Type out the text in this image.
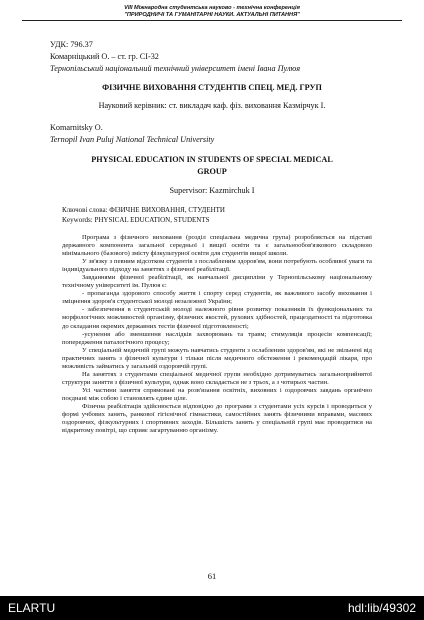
VIII Міжнародна студентська науково - технічна конференція
"ПРИРОДНИЧІ ТА ГУМАНІТАРНІ НАУКИ. АКТУАЛЬНІ ПИТАННЯ"
УДК: 796.37
Комарніцький О. – ст. гр. СІ-32
Тернопільський національний технічний університет імені Івана Пулюя
ФІЗИЧНЕ ВИХОВАННЯ СТУДЕНТІВ СПЕЦ. МЕД. ГРУП
Науковий керівник: ст. викладач каф. фіз. виховання Казмірчук І.
Komarnitsky O.
Ternopil Ivan Puluj National Technical University
PHYSICAL EDUCATION IN STUDENTS OF SPECIAL MEDICAL
GROUP
Supervisor: Kazmirchuk I
Ключові слова: ФІЗИЧНЕ ВИХОВАННЯ, СТУДЕНТИ
Keywords: PHYSICAL EDUCATION, STUDENTS

Програма з фізичного виховання (розділ спеціальна медична група) розробляється на підставі державного компонента загальної середньої і вищої освіти та є загальнообов'язкового складовою мінімального (базового) змісту фізкультурної освіти для студентів вищої школи.

У зв'язку з певним відсотком студентів з послабленим здоров'ям, вони потребують особливої уваги та індивідуального підходу на заняттях з фізичної реабілітації.

Завданнями фізичної реабілітації, як навчальної дисципліни у Тернопільському національному технічному університеті ім. Пулюя є:

- пропаганда здорового способу життя і спорту серед студентів, як важливого засобу виховання і зміцнення здоров'я студентської молоді незалежної України;

- забезпечення в студентській молоді належного рівня розвитку показників їх функціональних та морфологічних можливостей організму, фізичних якостей, рухових здібностей, працездатності та підготовка до складання окремих державних тестів фізичної підготовленості;

-усунення або зменшення наслідків захворювань та травм; стимуляція процесів компенсації; попередження паталогічного процесу;

У спеціальній медичній групі можуть навчатись студенти з ослабленим здоров'ям, які не звільнені від практичних занять з фізичної культури і тільки після медичного обстеження і рекомендацій лікаря, про можливість займатись у загальній оздоровчій групі.

На заняттях з студентами спеціальної медичної групи необхідно дотримуватись загальноприйнятої структури заняття з фізичної культури, однак воно складається не з трьох, а з чотирьох частин.

Усі частини заняття спрямовані на розв'язання освітніх, виховних і оздоровчих завдань органічно поєднані між собою і становлять єдине ціле.

Фізична реабілітація здійснюється відповідно до програми з студентами усіх курсів і проводиться у формі учбових занять, ранкової гігієнічної гімнастики, самостійних занять фізичними вправами, масових оздоровчих, фізкультурних і спортивних заходів. Більшість занять у спеціальній групі має проводитися на відкритому повітрі, що сприяє загартуванню організму.

61
ELARTU	hdl:lib/49302
